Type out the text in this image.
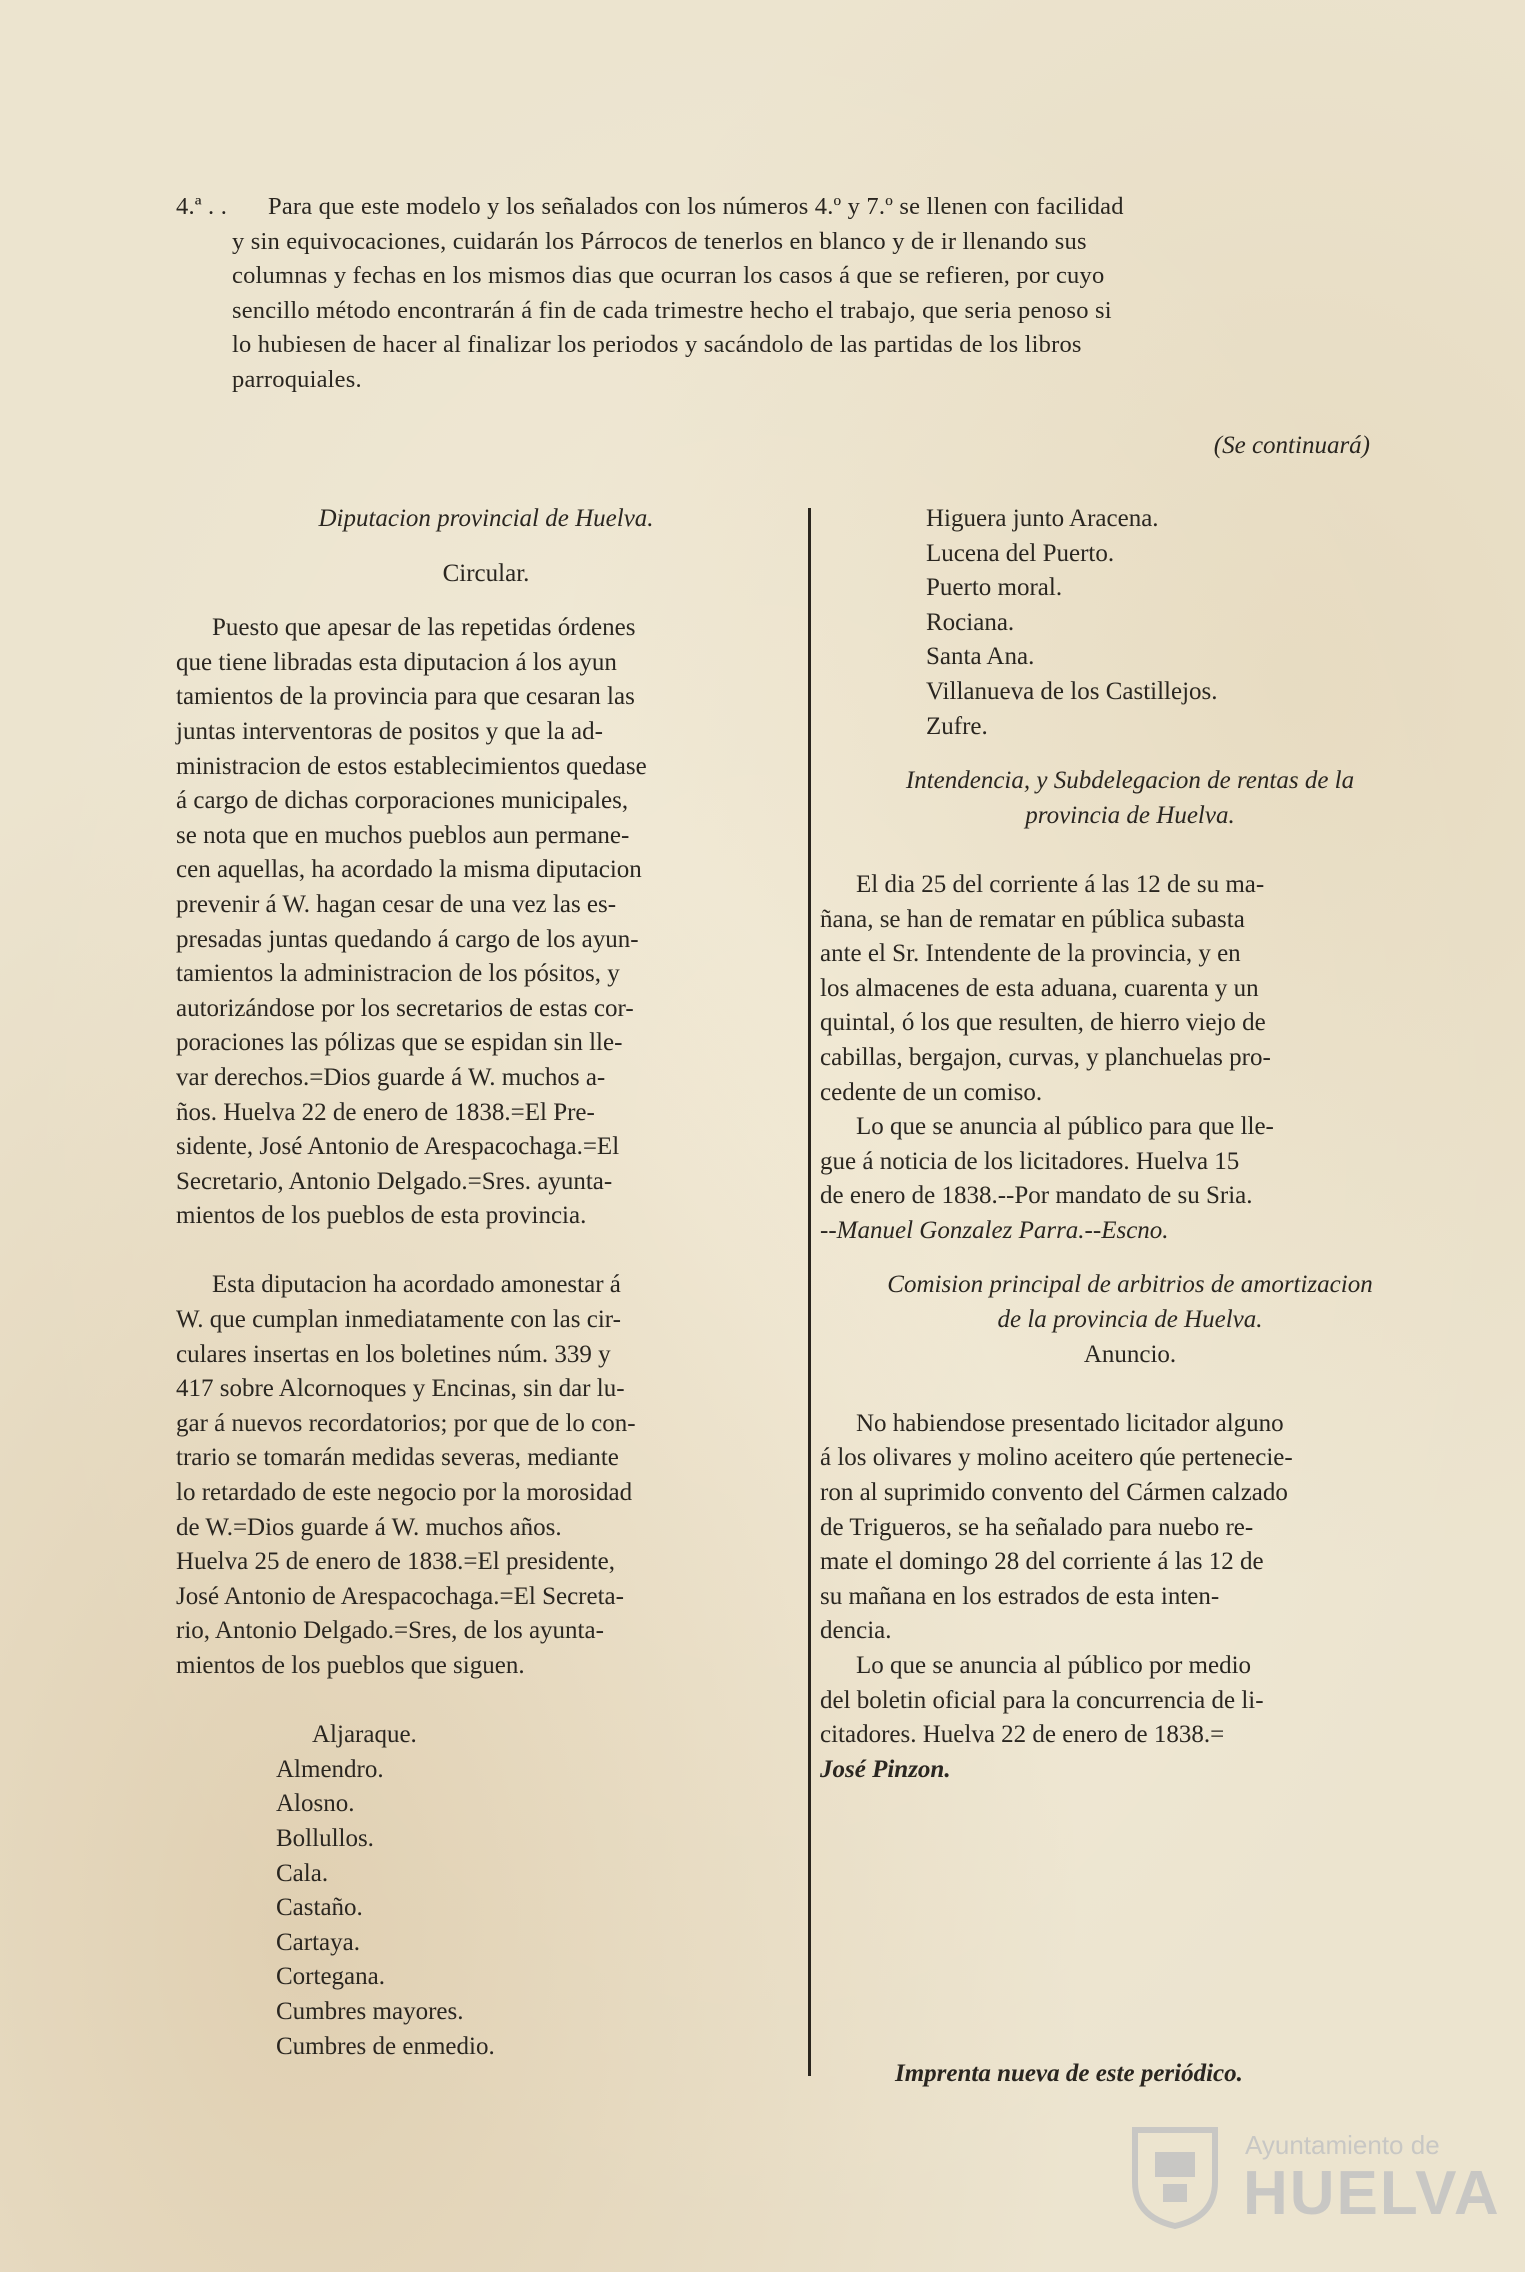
4.ª . .	Para que este modelo y los señalados con los números 4.º y 7.º se llenen con facilidad
y sin equivocaciones, cuidarán los Párrocos de tenerlos en blanco y de ir llenando sus
columnas y fechas en los mismos dias que ocurran los casos á que se refieren, por cuyo
sencillo método encontrarán á fin de cada trimestre hecho el trabajo, que seria penoso si
lo hubiesen de hacer al finalizar los periodos y sacándolo de las partidas de los libros
parroquiales.
(Se continuará)

Diputacion provincial de Huelva.

Circular.

Puesto que apesar de las repetidas órdenes
que tiene libradas esta diputacion á los ayun
tamientos de la provincia para que cesaran las
juntas interventoras de positos y que la ad-
ministracion de estos establecimientos quedase
á cargo de dichas corporaciones municipales,
se nota que en muchos pueblos aun permane-
cen aquellas, ha acordado la misma diputacion
prevenir á W. hagan cesar de una vez las es-
presadas juntas quedando á cargo de los ayun-
tamientos la administracion de los pósitos, y
autorizándose por los secretarios de estas cor-
poraciones las pólizas que se espidan sin lle-
var derechos.=Dios guarde á W. muchos a-
ños. Huelva 22 de enero de 1838.=El Pre-
sidente, José Antonio de Arespacochaga.=El
Secretario, Antonio Delgado.=Sres. ayunta-
mientos de los pueblos de esta provincia.
Esta diputacion ha acordado amonestar á
W. que cumplan inmediatamente con las cir-
culares insertas en los boletines núm. 339 y
417 sobre Alcornoques y Encinas, sin dar lu-
gar á nuevos recordatorios; por que de lo con-
trario se tomarán medidas severas, mediante
lo retardado de este negocio por la morosidad
de W.=Dios guarde á W. muchos años.
Huelva 25 de enero de 1838.=El presidente,
José Antonio de Arespacochaga.=El Secreta-
rio, Antonio Delgado.=Sres, de los ayunta-
mientos de los pueblos que siguen.
Aljaraque.
Almendro.
Alosno.
Bollullos.
Cala.
Castaño.
Cartaya.
Cortegana.
Cumbres mayores.
Cumbres de enmedio.
Higuera junto Aracena.
Lucena del Puerto.
Puerto moral.
Rociana.
Santa Ana.
Villanueva de los Castillejos.
Zufre.

Intendencia, y Subdelegacion de rentas de la

provincia de Huelva.

El dia 25 del corriente á las 12 de su ma-
ñana, se han de rematar en pública subasta
ante el Sr. Intendente de la provincia, y en
los almacenes de esta aduana, cuarenta y un
quintal, ó los que resulten, de hierro viejo de
cabillas, bergajon, curvas, y planchuelas pro-
cedente de un comiso.
Lo que se anuncia al público para que lle-
gue á noticia de los licitadores. Huelva 15
de enero de 1838.--Por mandato de su Sria.
--Manuel Gonzalez Parra.--Escno.

Comision principal de arbitrios de amortizacion

de la provincia de Huelva.

Anuncio.

No habiendose presentado licitador alguno
á los olivares y molino aceitero qúe pertenecie-
ron al suprimido convento del Cármen calzado
de Trigueros, se ha señalado para nuebo re-
mate el domingo 28 del corriente á las 12 de
su mañana en los estrados de esta inten-
dencia.
Lo que se anuncia al público por medio
del boletin oficial para la concurrencia de li-
citadores. Huelva 22 de enero de 1838.=
José Pinzon.
Imprenta nueva de este periódico.
Ayuntamiento de
HUELVA
